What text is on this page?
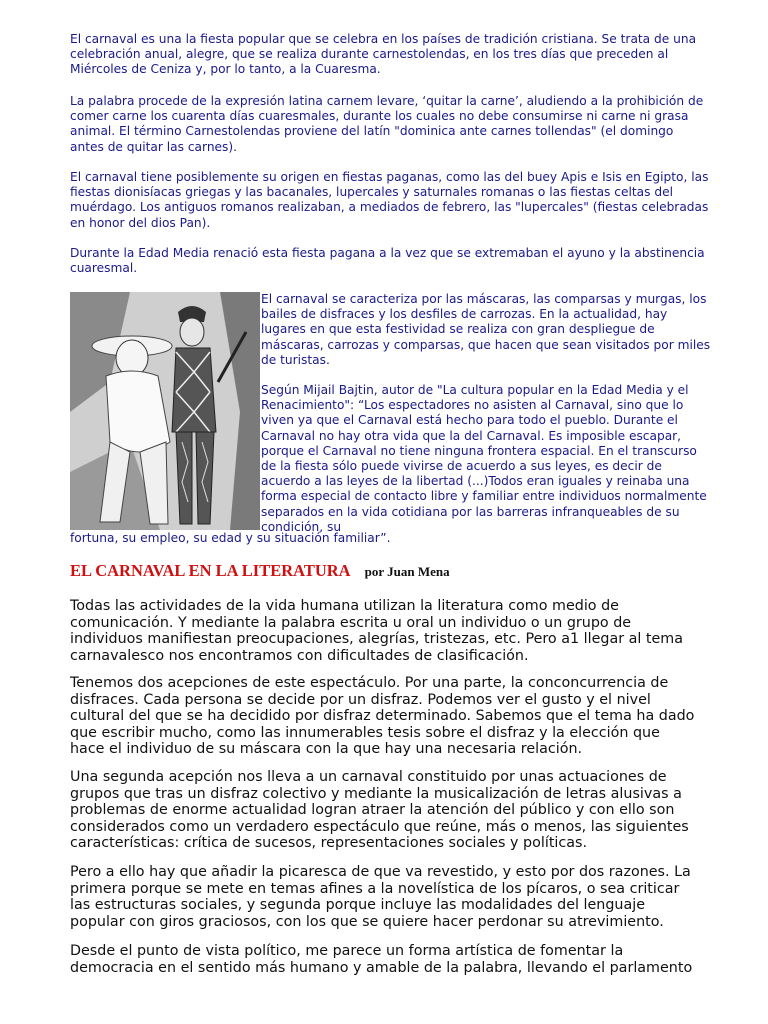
El carnaval es una la fiesta popular que se celebra en los países de tradición cristiana. Se trata de una celebración anual, alegre, que se realiza durante carnestolendas, en los tres días que preceden al Miércoles de Ceniza y, por lo tanto, a la Cuaresma.

La palabra procede de la expresión latina carnem levare, ‘quitar la carne’, aludiendo a la prohibición de comer carne los cuarenta días cuaresmales, durante los cuales no debe consumirse ni carne ni grasa animal. El término Carnestolendas proviene del latín "dominica ante carnes tollendas" (el domingo antes de quitar las carnes).

El carnaval tiene posiblemente su origen en fiestas paganas, como las del buey Apis e Isis en Egipto, las fiestas dionisíacas griegas y las bacanales, lupercales y saturnales romanas o las fiestas celtas del muérdago. Los antiguos romanos realizaban, a mediados de febrero, las "lupercales" (fiestas celebradas en honor del dios Pan).

Durante la Edad Media renació esta fiesta pagana a la vez que se extremaban el ayuno y la abstinencia cuaresmal.

El carnaval se caracteriza por las máscaras, las comparsas y murgas, los bailes de disfraces y los desfiles de carrozas. En la actualidad, hay lugares en que esta festividad se realiza con gran despliegue de máscaras, carrozas y comparsas, que hacen que sean visitados por miles de turistas.

Según Mijail Bajtin, autor de "La cultura popular en la Edad Media y el Renacimiento": “Los espectadores no asisten al Carnaval, sino que lo viven ya que el Carnaval está hecho para todo el pueblo. Durante el Carnaval no hay otra vida que la del Carnaval. Es imposible escapar, porque el Carnaval no tiene ninguna frontera espacial. En el transcurso de la fiesta sólo puede vivirse de acuerdo a sus leyes, es decir de acuerdo a las leyes de la libertad (...)Todos eran iguales y reinaba una forma especial de contacto libre y familiar entre individuos normalmente separados en la vida cotidiana por las barreras infranqueables de su condición, su

fortuna, su empleo, su edad y su situación familiar”.

EL CARNAVAL EN LA LITERATURA por Juan Mena

Todas las actividades de la vida humana utilizan la literatura como medio de comunicación. Y mediante la palabra escrita u oral un individuo o un grupo de individuos manifiestan preocupaciones, alegrías, tristezas, etc. Pero a1 llegar al tema carnavalesco nos encontramos con dificultades de clasificación.

Tenemos dos acepciones de este espectáculo. Por una parte, la conconcurrencia de disfraces. Cada persona se decide por un disfraz. Podemos ver el gusto y el nivel cultural del que se ha decidido por disfraz determinado. Sabemos que el tema ha dado que escribir mucho, como las innumerables tesis sobre el disfraz y la elección que hace el individuo de su máscara con la que hay una necesaria relación.

Una segunda acepción nos lleva a un carnaval constituido por unas actuaciones de grupos que tras un disfraz colectivo y mediante la musicalización de letras alusivas a problemas de enorme actualidad logran atraer la atención del público y con ello son considerados como un verdadero espectáculo que reúne, más o menos, las siguientes características: crítica de sucesos, representaciones sociales y políticas.

Pero a ello hay que añadir la picaresca de que va revestido, y esto por dos razones. La primera porque se mete en temas afines a la novelística de los pícaros, o sea criticar las estructuras sociales, y segunda porque incluye las modalidades del lenguaje popular con giros graciosos, con los que se quiere hacer perdonar su atrevimiento.

Desde el punto de vista político, me parece un forma artística de fomentar la democracia en el sentido más humano y amable de la palabra, llevando el parlamento
